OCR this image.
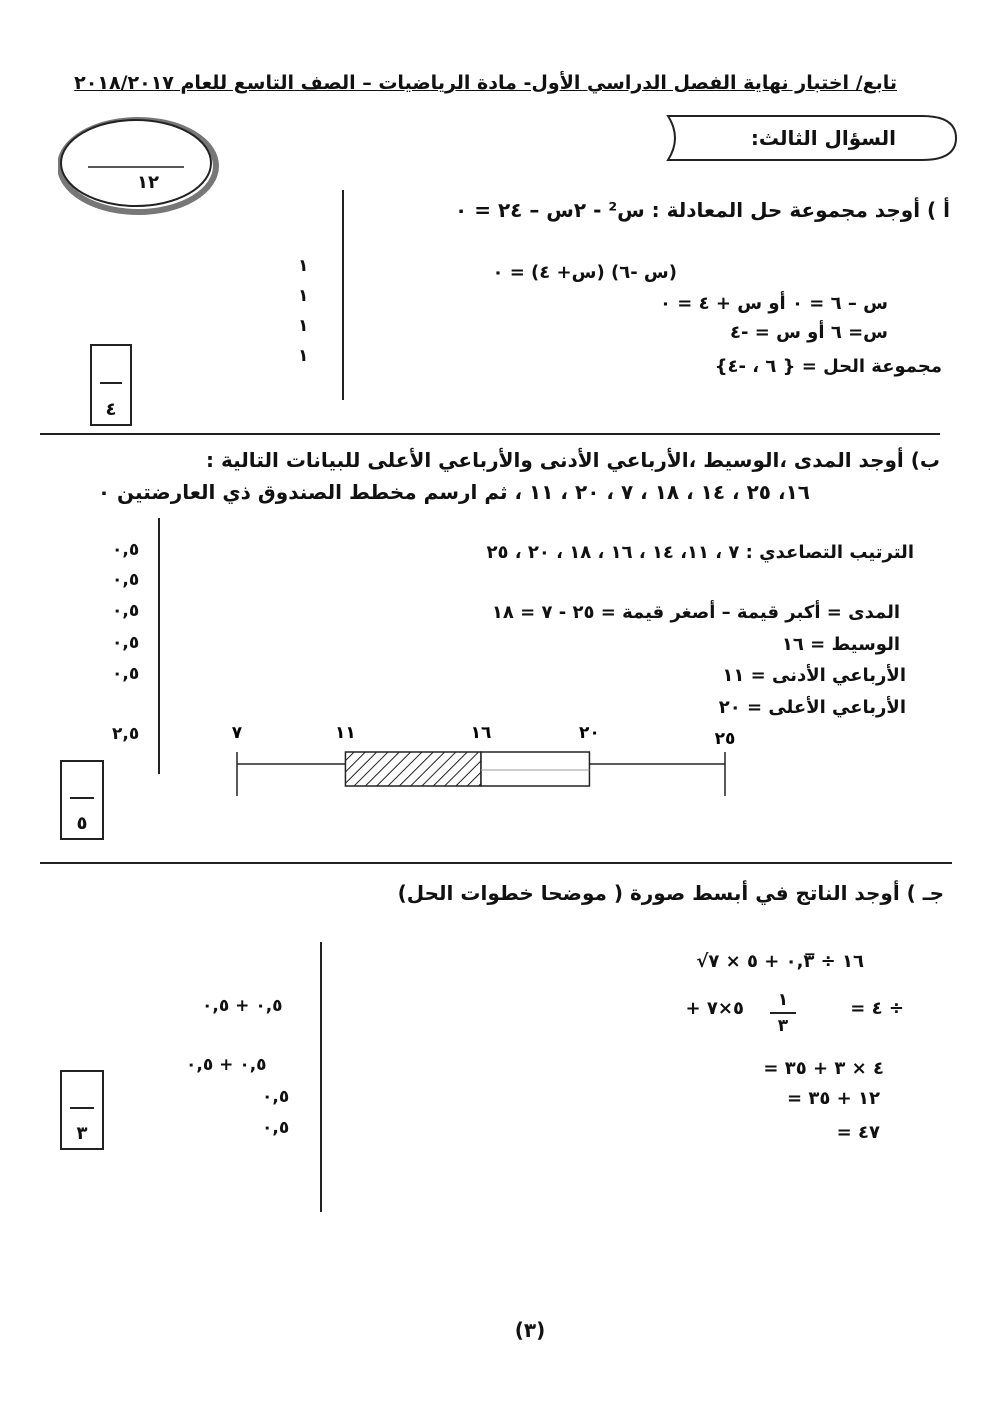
تابع/ اختبار نهاية الفصل الدراسي الأول- مادة الرياضيات – الصف التاسع للعام ٢٠١٨/٢٠١٧
السؤال الثالث:
١٢
أ ) أوجد مجموعة حل المعادلة : س² - ٢س – ٢٤ = ٠
(س -٦) (س+ ٤) = ٠
س – ٦ = ٠ أو س + ٤ = ٠
س= ٦ أو س = -٤
مجموعة الحل = { ٦ ، -٤}
١
١
١
١
٤
ب) أوجد المدى ،الوسيط ،الأرباعي الأدنى والأرباعي الأعلى للبيانات التالية :
١٦، ٢٥ ، ١٤ ، ١٨ ، ٧ ، ٢٠ ، ١١ ، ثم ارسم مخطط الصندوق ذي العارضتين ٠
الترتيب التصاعدي : ٧ ، ١١، ١٤ ، ١٦ ، ١٨ ، ٢٠ ، ٢٥
المدى = أكبر قيمة – أصغر قيمة = ٢٥ - ٧ = ١٨
الوسيط = ١٦
الأرباعي الأدنى = ١١
الأرباعي الأعلى = ٢٠
٠,٥
٠,٥
٠,٥
٠,٥
٠,٥
٢,٥	٧	١١	١٦	٢٠	٢٥
٥
جـ ) أوجد الناتج في أبسط صورة ( موضحا خطوات الحل)
√١٦ ÷ ٠,٣̅ + ٥ × ٧
= ٤ ÷
١
٣
+ ٥×٧
= ٤ × ٣ + ٣٥
= ١٢ + ٣٥
= ٤٧
٠,٥ + ٠,٥
٠,٥ + ٠,٥
٠,٥
٠,٥
٣
(٣)
